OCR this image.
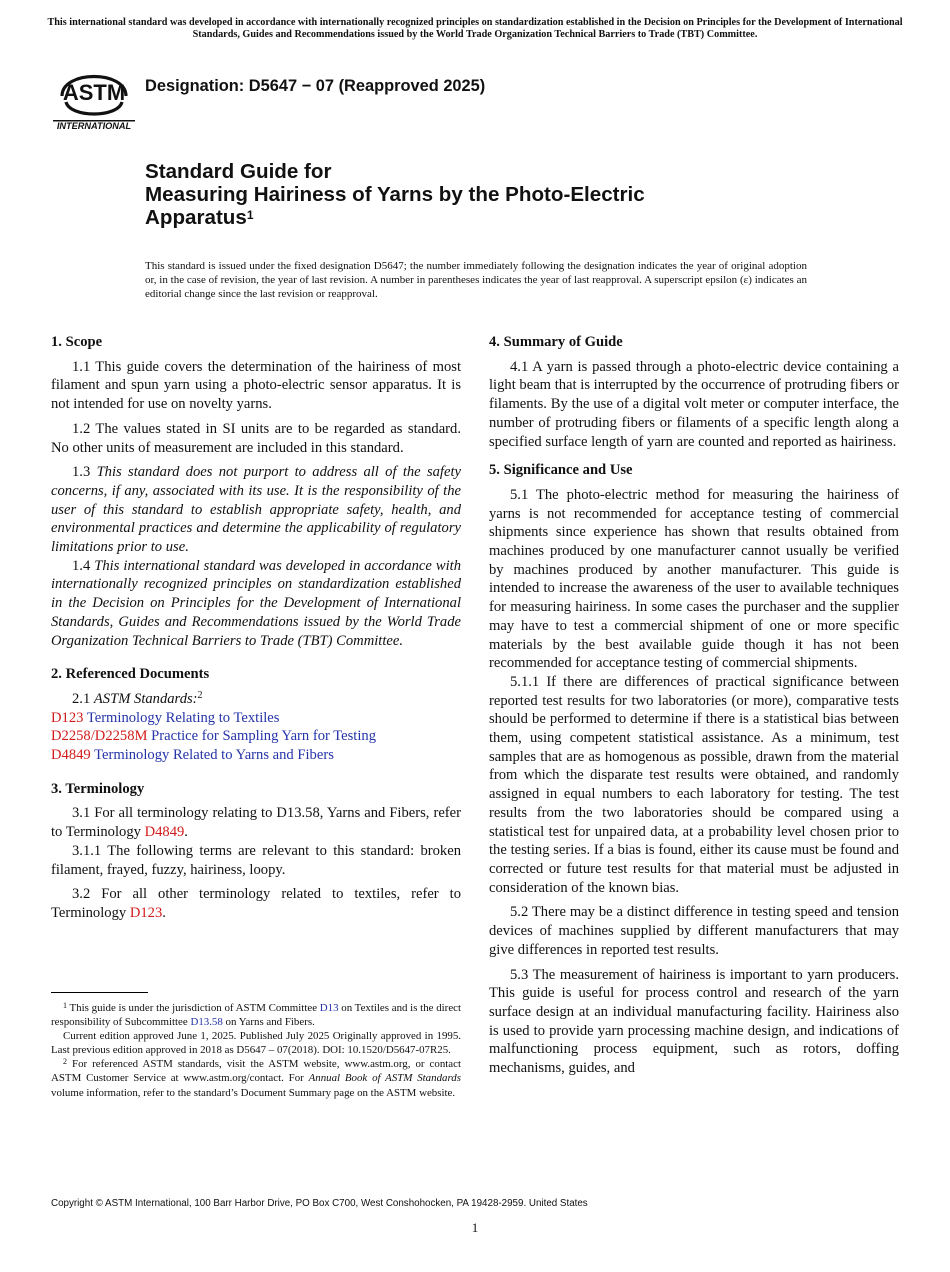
This international standard was developed in accordance with internationally recognized principles on standardization established in the Decision on Principles for the Development of International Standards, Guides and Recommendations issued by the World Trade Organization Technical Barriers to Trade (TBT) Committee.
ASTM
INTERNATIONAL
Designation: D5647 − 07 (Reapproved 2025)
Standard Guide for
Measuring Hairiness of Yarns by the Photo-Electric
Apparatus$^1$
This standard is issued under the fixed designation D5647; the number immediately following the designation indicates the year of original adoption or, in the case of revision, the year of last revision. A number in parentheses indicates the year of last reapproval. A superscript epsilon (ε) indicates an editorial change since the last revision or reapproval.
1. Scope

1.1 This guide covers the determination of the hairiness of most filament and spun yarn using a photo-electric sensor apparatus. It is not intended for use on novelty yarns.

1.2 The values stated in SI units are to be regarded as standard. No other units of measurement are included in this standard.

1.3 This standard does not purport to address all of the safety concerns, if any, associated with its use. It is the responsibility of the user of this standard to establish appropriate safety, health, and environmental practices and determine the applicability of regulatory limitations prior to use.

1.4 This international standard was developed in accordance with internationally recognized principles on standardization established in the Decision on Principles for the Development of International Standards, Guides and Recommendations issued by the World Trade Organization Technical Barriers to Trade (TBT) Committee.

2. Referenced Documents

2.1 ASTM Standards:$^2$

D123 Terminology Relating to Textiles

D2258/D2258M Practice for Sampling Yarn for Testing

D4849 Terminology Related to Yarns and Fibers

3. Terminology

3.1 For all terminology relating to D13.58, Yarns and Fibers, refer to Terminology D4849.

3.1.1 The following terms are relevant to this standard: broken filament, frayed, fuzzy, hairiness, loopy.

3.2 For all other terminology related to textiles, refer to Terminology D123.

4. Summary of Guide

4.1 A yarn is passed through a photo-electric device containing a light beam that is interrupted by the occurrence of protruding fibers or filaments. By the use of a digital volt meter or computer interface, the number of protruding fibers or filaments of a specific length along a specified surface length of yarn are counted and reported as hairiness.

5. Significance and Use

5.1 The photo-electric method for measuring the hairiness of yarns is not recommended for acceptance testing of commercial shipments since experience has shown that results obtained from machines produced by one manufacturer cannot usually be verified by machines produced by another manufacturer. This guide is intended to increase the awareness of the user to available techniques for measuring hairiness. In some cases the purchaser and the supplier may have to test a commercial shipment of one or more specific materials by the best available guide though it has not been recommended for acceptance testing of commercial shipments.

5.1.1 If there are differences of practical significance between reported test results for two laboratories (or more), comparative tests should be performed to determine if there is a statistical bias between them, using competent statistical assistance. As a minimum, test samples that are as homogenous as possible, drawn from the material from which the disparate test results were obtained, and randomly assigned in equal numbers to each laboratory for testing. The test results from the two laboratories should be compared using a statistical test for unpaired data, at a probability level chosen prior to the testing series. If a bias is found, either its cause must be found and corrected or future test results for that material must be adjusted in consideration of the known bias.

5.2 There may be a distinct difference in testing speed and tension devices of machines supplied by different manufacturers that may give differences in reported test results.

5.3 The measurement of hairiness is important to yarn producers. This guide is useful for process control and research of the yarn surface design at an individual manufacturing facility. Hairiness also is used to provide yarn processing machine design, and indications of malfunctioning process equipment, such as rotors, doffing mechanisms, guides, and

$^1$ This guide is under the jurisdiction of ASTM Committee D13 on Textiles and is the direct responsibility of Subcommittee D13.58 on Yarns and Fibers.

Current edition approved June 1, 2025. Published July 2025 Originally approved in 1995. Last previous edition approved in 2018 as D5647 – 07(2018). DOI: 10.1520/D5647-07R25.

$^2$ For referenced ASTM standards, visit the ASTM website, www.astm.org, or contact ASTM Customer Service at www.astm.org/contact. For Annual Book of ASTM Standards volume information, refer to the standard’s Document Summary page on the ASTM website.

Copyright © ASTM International, 100 Barr Harbor Drive, PO Box C700, West Conshohocken, PA 19428-2959. United States
1
